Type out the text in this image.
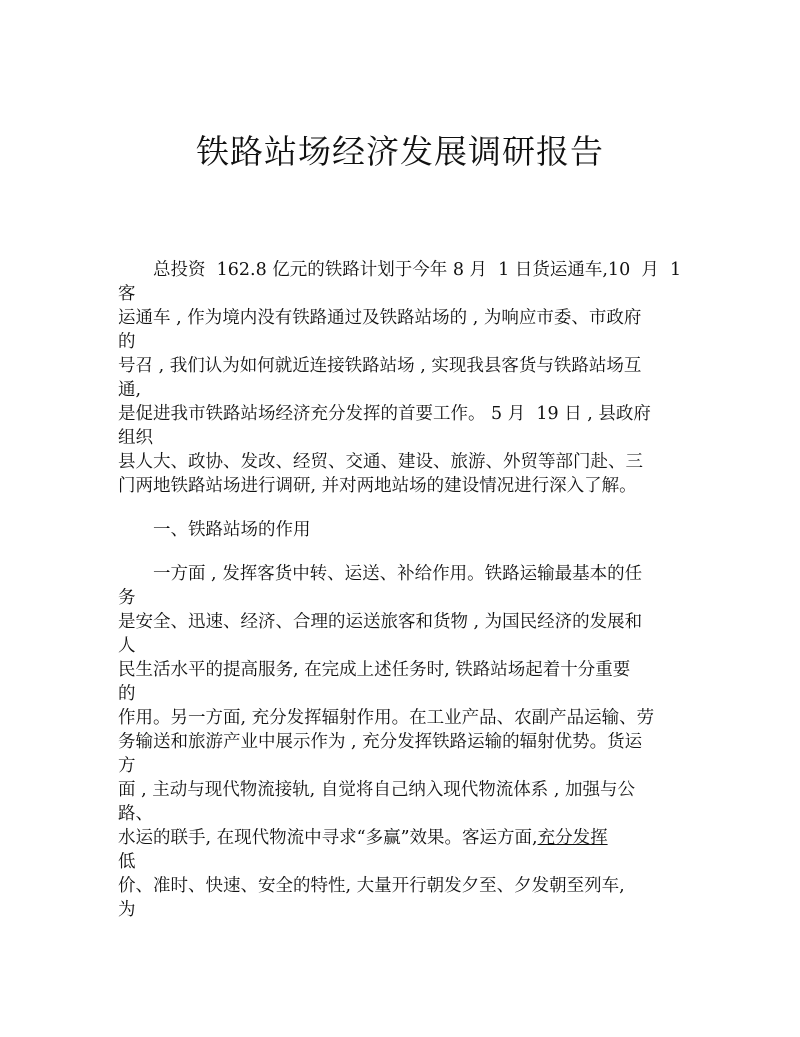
铁路站场经济发展调研报告
　　总投资  162.8 亿元的铁路计划于今年 8 月  1 日货运通车,10  月  1
客
运通车 , 作为境内没有铁路通过及铁路站场的 , 为响应市委、市政府
的
号召 , 我们认为如何就近连接铁路站场 , 实现我县客货与铁路站场互
通,
是促进我市铁路站场经济充分发挥的首要工作。 5 月  19 日 , 县政府
组织
县人大、政协、发改、经贸、交通、建设、旅游、外贸等部门赴、三
门两地铁路站场进行调研, 并对两地站场的建设情况进行深入了解。
　　一、铁路站场的作用
　　一方面 , 发挥客货中转、运送、补给作用。铁路运输最基本的任
务
是安全、迅速、经济、合理的运送旅客和货物 , 为国民经济的发展和
人
民生活水平的提高服务, 在完成上述任务时, 铁路站场起着十分重要
的
作用。另一方面, 充分发挥辐射作用。在工业产品、农副产品运输、劳
务输送和旅游产业中展示作为 , 充分发挥铁路运输的辐射优势。货运
方
面 , 主动与现代物流接轨, 自觉将自己纳入现代物流体系 , 加强与公
路、
水运的联手, 在现代物流中寻求“多赢”效果。客运方面,充分发挥
低
价、准时、快速、安全的特性, 大量开行朝发夕至、夕发朝至列车,
为
